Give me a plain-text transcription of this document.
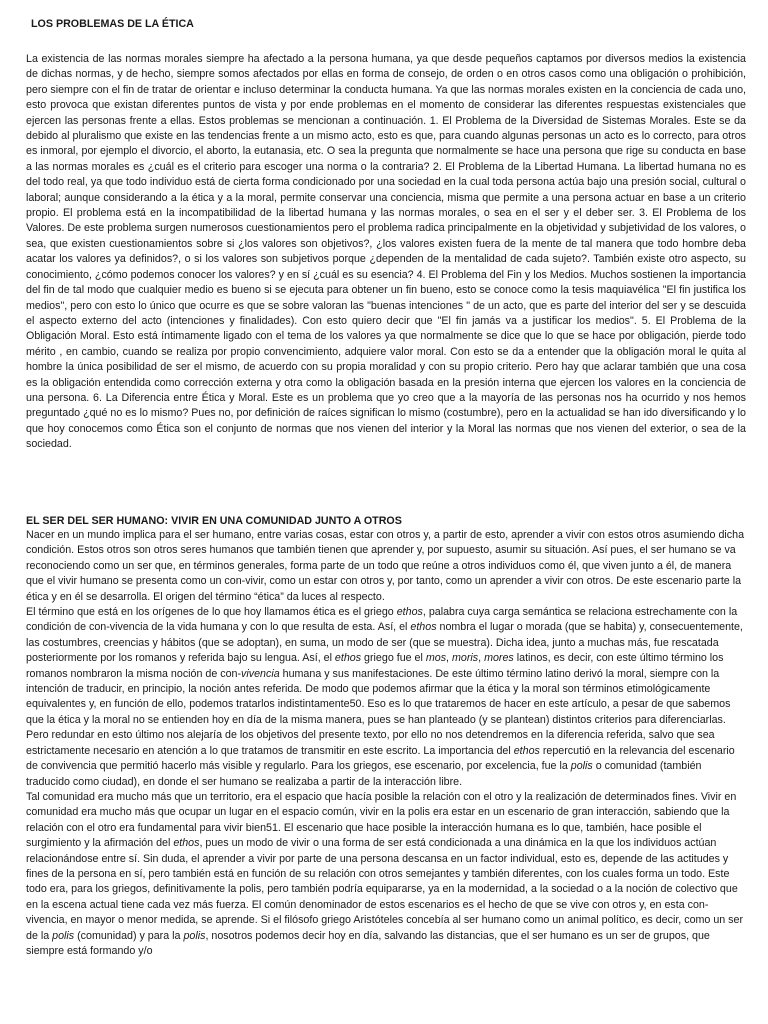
LOS PROBLEMAS DE LA ÉTICA

La existencia de las normas morales siempre ha afectado a la persona humana, ya que desde pequeños captamos por diversos medios la existencia de dichas normas, y de hecho, siempre somos afectados por ellas en forma de consejo, de orden o en otros casos como una obligación o prohibición, pero siempre con el fin de tratar de orientar e incluso determinar la conducta humana. Ya que las normas morales existen en la conciencia de cada uno, esto provoca que existan diferentes puntos de vista y por ende problemas en el momento de considerar las diferentes respuestas existenciales que ejercen las personas frente a ellas. Estos problemas se mencionan a continuación. 1. El Problema de la Diversidad de Sistemas Morales. Este se da debido al pluralismo que existe en las tendencias frente a un mismo acto, esto es que, para cuando algunas personas un acto es lo correcto, para otros es inmoral, por ejemplo el divorcio, el aborto, la eutanasia, etc. O sea la pregunta que normalmente se hace una persona que rige su conducta en base a las normas morales es ¿cuál es el criterio para escoger una norma o la contraria? 2. El Problema de la Libertad Humana. La libertad humana no es del todo real, ya que todo individuo está de cierta forma condicionado por una sociedad en la cual toda persona actúa bajo una presión social, cultural o laboral; aunque considerando a la ética y a la moral, permite conservar una conciencia, misma que permite a una persona actuar en base a un criterio propio. El problema está en la incompatibilidad de la libertad humana y las normas morales, o sea en el ser y el deber ser. 3. El Problema de los Valores. De este problema surgen numerosos cuestionamientos pero el problema radica principalmente en la objetividad y subjetividad de los valores, o sea, que existen cuestionamientos sobre si ¿los valores son objetivos?, ¿los valores existen fuera de la mente de tal manera que todo hombre deba acatar los valores ya definidos?, o si los valores son subjetivos porque ¿dependen de la mentalidad de cada sujeto?. También existe otro aspecto, su conocimiento, ¿cómo podemos conocer los valores? y en sí ¿cuál es su esencia? 4. El Problema del Fin y los Medios. Muchos sostienen la importancia del fin de tal modo que cualquier medio es bueno si se ejecuta para obtener un fin bueno, esto se conoce como la tesis maquiavélica "El fin justifica los medios", pero con esto lo único que ocurre es que se sobre valoran las "buenas intenciones " de un acto, que es parte del interior del ser y se descuida el aspecto externo del acto (intenciones y finalidades). Con esto quiero decir que "El fin jamás va a justificar los medios". 5. El Problema de la Obligación Moral. Esto está íntimamente ligado con el tema de los valores ya que normalmente se dice que lo que se hace por obligación, pierde todo mérito , en cambio, cuando se realiza por propio convencimiento, adquiere valor moral. Con esto se da a entender que la obligación moral le quita al hombre la única posibilidad de ser el mismo, de acuerdo con su propia moralidad y con su propio criterio. Pero hay que aclarar también que una cosa es la obligación entendida como corrección externa y otra como la obligación basada en la presión interna que ejercen los valores en la conciencia de una persona. 6. La Diferencia entre Ética y Moral. Este es un problema que yo creo que a la mayoría de las personas nos ha ocurrido y nos hemos preguntado ¿qué no es lo mismo? Pues no, por definición de raíces significan lo mismo (costumbre), pero en la actualidad se han ido diversificando y lo que hoy conocemos como Ética son el conjunto de normas que nos vienen del interior y la Moral las normas que nos vienen del exterior, o sea de la sociedad.

EL SER DEL SER HUMANO: VIVIR EN UNA COMUNIDAD JUNTO A OTROS

Nacer en un mundo implica para el ser humano, entre varias cosas, estar con otros y, a partir de esto, aprender a vivir con estos otros asumiendo dicha condición. Estos otros son otros seres humanos que también tienen que aprender y, por supuesto, asumir su situación. Así pues, el ser humano se va reconociendo como un ser que, en términos generales, forma parte de un todo que reúne a otros individuos como él, que viven junto a él, de manera que el vivir humano se presenta como un con-vivir, como un estar con otros y, por tanto, como un aprender a vivir con otros. De este escenario parte la ética y en él se desarrolla. El origen del término “ética” da luces al respecto.

El término que está en los orígenes de lo que hoy llamamos ética es el griego ethos, palabra cuya carga semántica se relaciona estrechamente con la condición de con-vivencia de la vida humana y con lo que resulta de esta. Así, el ethos nombra el lugar o morada (que se habita) y, consecuentemente, las costumbres, creencias y hábitos (que se adoptan), en suma, un modo de ser (que se muestra). Dicha idea, junto a muchas más, fue rescatada posteriormente por los romanos y referida bajo su lengua. Así, el ethos griego fue el mos, moris, mores latinos, es decir, con este último término los romanos nombraron la misma noción de con-vivencia humana y sus manifestaciones. De este último término latino derivó la moral, siempre con la intención de traducir, en principio, la noción antes referida. De modo que podemos afirmar que la ética y la moral son términos etimológicamente equivalentes y, en función de ello, podemos tratarlos indistintamente50. Eso es lo que trataremos de hacer en este artículo, a pesar de que sabemos que la ética y la moral no se entienden hoy en día de la misma manera, pues se han planteado (y se plantean) distintos criterios para diferenciarlas. Pero redundar en esto último nos alejaría de los objetivos del presente texto, por ello no nos detendremos en la diferencia referida, salvo que sea estrictamente necesario en atención a lo que tratamos de transmitir en este escrito. La importancia del ethos repercutió en la relevancia del escenario de convivencia que permitió hacerlo más visible y regularlo. Para los griegos, ese escenario, por excelencia, fue la polis o comunidad (también traducido como ciudad), en donde el ser humano se realizaba a partir de la interacción libre.

Tal comunidad era mucho más que un territorio, era el espacio que hacía posible la relación con el otro y la realización de determinados fines. Vivir en comunidad era mucho más que ocupar un lugar en el espacio común, vivir en la polis era estar en un escenario de gran interacción, sabiendo que la relación con el otro era fundamental para vivir bien51. El escenario que hace posible la interacción humana es lo que, también, hace posible el surgimiento y la afirmación del ethos, pues un modo de vivir o una forma de ser está condicionada a una dinámica en la que los individuos actúan relacionándose entre sí. Sin duda, el aprender a vivir por parte de una persona descansa en un factor individual, esto es, depende de las actitudes y fines de la persona en sí, pero también está en función de su relación con otros semejantes y también diferentes, con los cuales forma un todo. Este todo era, para los griegos, definitivamente la polis, pero también podría equipararse, ya en la modernidad, a la sociedad o a la noción de colectivo que en la escena actual tiene cada vez más fuerza. El común denominador de estos escenarios es el hecho de que se vive con otros y, en esta con-vivencia, en mayor o menor medida, se aprende. Si el filósofo griego Aristóteles concebía al ser humano como un animal político, es decir, como un ser de la polis (comunidad) y para la polis, nosotros podemos decir hoy en día, salvando las distancias, que el ser humano es un ser de grupos, que siempre está formando y/o
